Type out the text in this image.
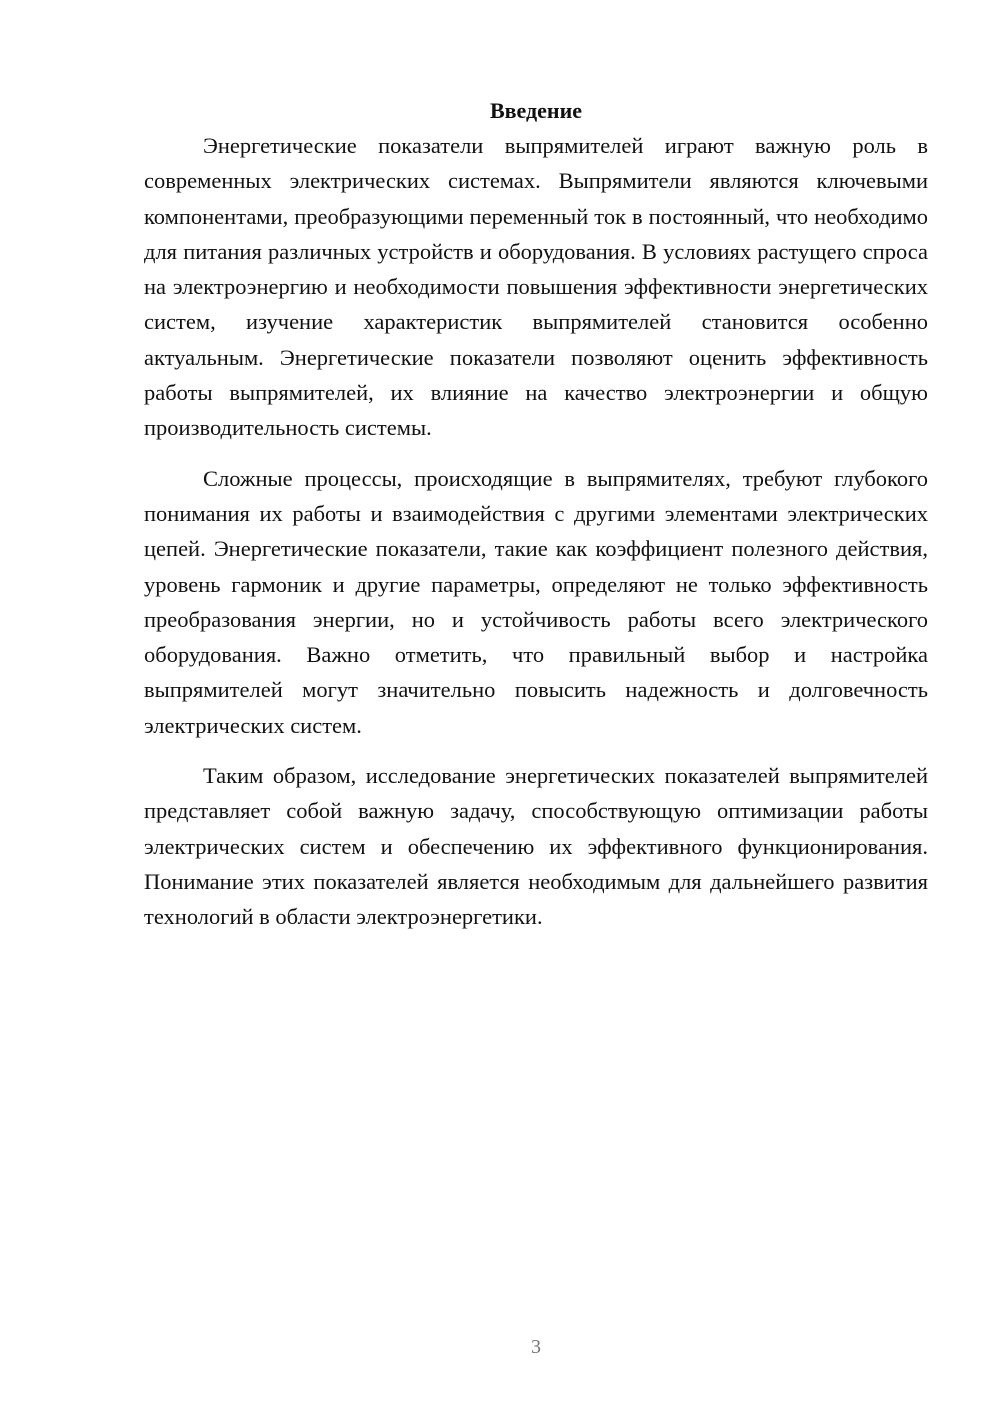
Введение

Энергетические показатели выпрямителей играют важную роль в современных электрических системах. Выпрямители являются ключевыми компонентами, преобразующими переменный ток в постоянный, что необходимо для питания различных устройств и оборудования. В условиях растущего спроса на электроэнергию и необходимости повышения эффективности энергетических систем, изучение характеристик выпрямителей становится особенно актуальным. Энергетические показатели позволяют оценить эффективность работы выпрямителей, их влияние на качество электроэнергии и общую производительность системы.

Сложные процессы, происходящие в выпрямителях, требуют глубокого понимания их работы и взаимодействия с другими элементами электрических цепей. Энергетические показатели, такие как коэффициент полезного действия, уровень гармоник и другие параметры, определяют не только эффективность преобразования энергии, но и устойчивость работы всего электрического оборудования. Важно отметить, что правильный выбор и настройка выпрямителей могут значительно повысить надежность и долговечность электрических систем.

Таким образом, исследование энергетических показателей выпрямителей представляет собой важную задачу, способствующую оптимизации работы электрических систем и обеспечению их эффективного функционирования. Понимание этих показателей является необходимым для дальнейшего развития технологий в области электроэнергетики.

3
